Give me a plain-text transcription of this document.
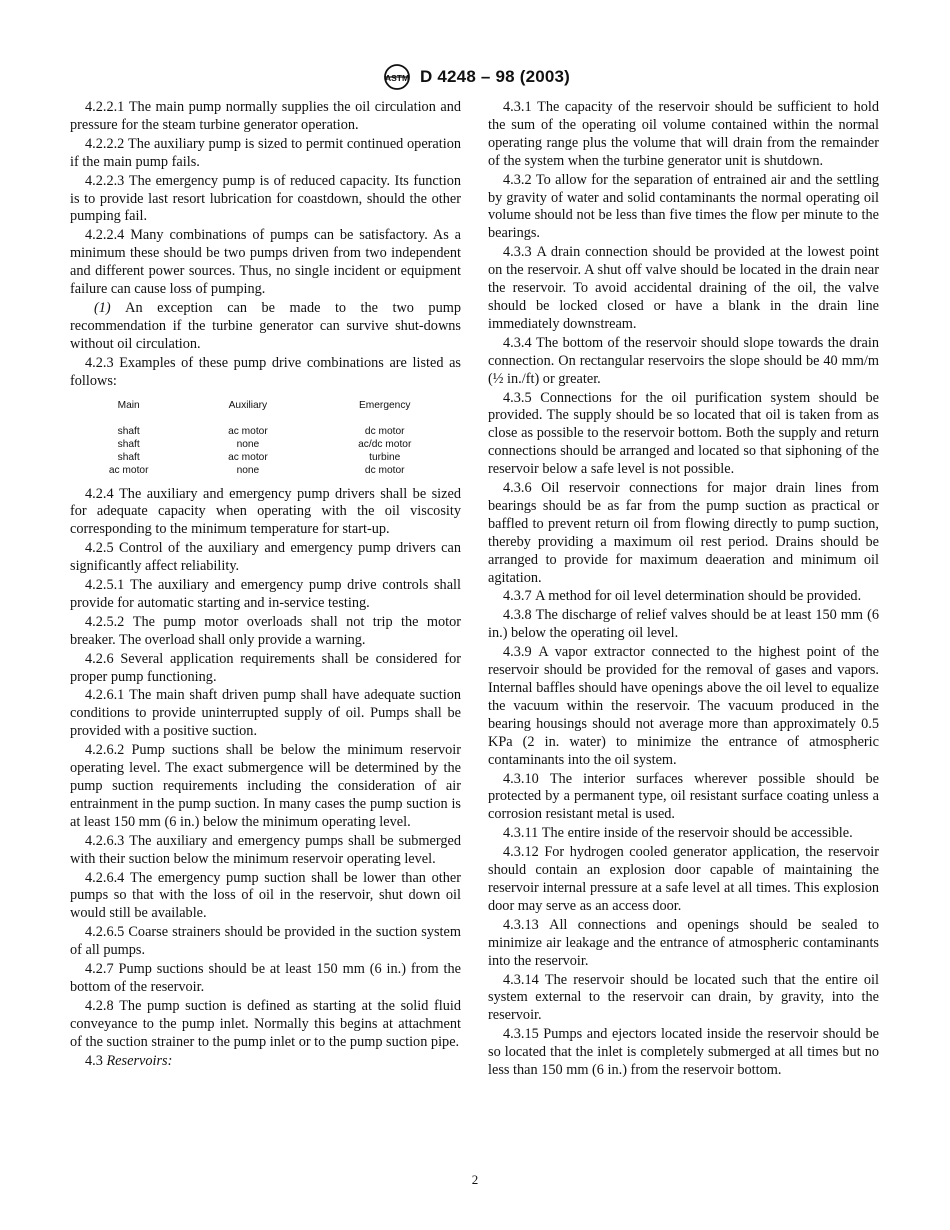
ASTM D 4248 – 98 (2003)

4.2.2.1 The main pump normally supplies the oil circulation and pressure for the steam turbine generator operation.

4.2.2.2 The auxiliary pump is sized to permit continued operation if the main pump fails.

4.2.2.3 The emergency pump is of reduced capacity. Its function is to provide last resort lubrication for coastdown, should the other pumping fail.

4.2.2.4 Many combinations of pumps can be satisfactory. As a minimum these should be two pumps driven from two independent and different power sources. Thus, no single incident or equipment failure can cause loss of pumping.

(1) An exception can be made to the two pump recommendation if the turbine generator can survive shut-downs without oil circulation.

4.2.3 Examples of these pump drive combinations are listed as follows:

Main	Auxiliary	Emergency
shaft	ac motor	dc motor
shaft	none	ac/dc motor
shaft	ac motor	turbine
ac motor	none	dc motor

4.2.4 The auxiliary and emergency pump drivers shall be sized for adequate capacity when operating with the oil viscosity corresponding to the minimum temperature for start-up.

4.2.5 Control of the auxiliary and emergency pump drivers can significantly affect reliability.

4.2.5.1 The auxiliary and emergency pump drive controls shall provide for automatic starting and in-service testing.

4.2.5.2 The pump motor overloads shall not trip the motor breaker. The overload shall only provide a warning.

4.2.6 Several application requirements shall be considered for proper pump functioning.

4.2.6.1 The main shaft driven pump shall have adequate suction conditions to provide uninterrupted supply of oil. Pumps shall be provided with a positive suction.

4.2.6.2 Pump suctions shall be below the minimum reservoir operating level. The exact submergence will be determined by the pump suction requirements including the consideration of air entrainment in the pump suction. In many cases the pump suction is at least 150 mm (6 in.) below the minimum operating level.

4.2.6.3 The auxiliary and emergency pumps shall be submerged with their suction below the minimum reservoir operating level.

4.2.6.4 The emergency pump suction shall be lower than other pumps so that with the loss of oil in the reservoir, shut down oil would still be available.

4.2.6.5 Coarse strainers should be provided in the suction system of all pumps.

4.2.7 Pump suctions should be at least 150 mm (6 in.) from the bottom of the reservoir.

4.2.8 The pump suction is defined as starting at the solid fluid conveyance to the pump inlet. Normally this begins at attachment of the suction strainer to the pump inlet or to the pump suction pipe.

4.3 Reservoirs:

4.3.1 The capacity of the reservoir should be sufficient to hold the sum of the operating oil volume contained within the normal operating range plus the volume that will drain from the remainder of the system when the turbine generator unit is shutdown.

4.3.2 To allow for the separation of entrained air and the settling by gravity of water and solid contaminants the normal operating oil volume should not be less than five times the flow per minute to the bearings.

4.3.3 A drain connection should be provided at the lowest point on the reservoir. A shut off valve should be located in the drain near the reservoir. To avoid accidental draining of the oil, the valve should be locked closed or have a blank in the drain line immediately downstream.

4.3.4 The bottom of the reservoir should slope towards the drain connection. On rectangular reservoirs the slope should be 40 mm/m (½ in./ft) or greater.

4.3.5 Connections for the oil purification system should be provided. The supply should be so located that oil is taken from as close as possible to the reservoir bottom. Both the supply and return connections should be arranged and located so that siphoning of the reservoir below a safe level is not possible.

4.3.6 Oil reservoir connections for major drain lines from bearings should be as far from the pump suction as practical or baffled to prevent return oil from flowing directly to pump suction, thereby providing a maximum oil rest period. Drains should be arranged to provide for maximum deaeration and minimum oil agitation.

4.3.7 A method for oil level determination should be provided.

4.3.8 The discharge of relief valves should be at least 150 mm (6 in.) below the operating oil level.

4.3.9 A vapor extractor connected to the highest point of the reservoir should be provided for the removal of gases and vapors. Internal baffles should have openings above the oil level to equalize the vacuum within the reservoir. The vacuum produced in the bearing housings should not average more than approximately 0.5 KPa (2 in. water) to minimize the entrance of atmospheric contaminants into the oil system.

4.3.10 The interior surfaces wherever possible should be protected by a permanent type, oil resistant surface coating unless a corrosion resistant metal is used.

4.3.11 The entire inside of the reservoir should be accessible.

4.3.12 For hydrogen cooled generator application, the reservoir should contain an explosion door capable of maintaining the reservoir internal pressure at a safe level at all times. This explosion door may serve as an access door.

4.3.13 All connections and openings should be sealed to minimize air leakage and the entrance of atmospheric contaminants into the reservoir.

4.3.14 The reservoir should be located such that the entire oil system external to the reservoir can drain, by gravity, into the reservoir.

4.3.15 Pumps and ejectors located inside the reservoir should be so located that the inlet is completely submerged at all times but no less than 150 mm (6 in.) from the reservoir bottom.

2
